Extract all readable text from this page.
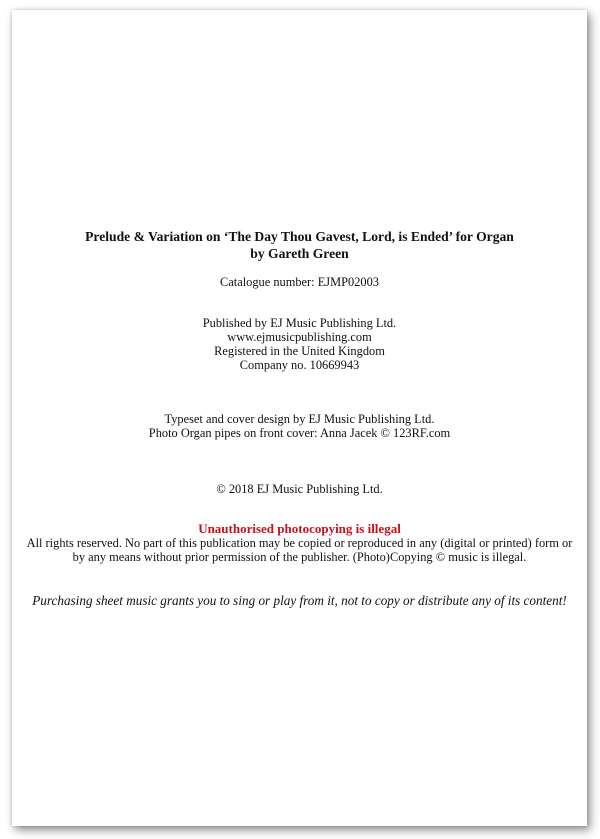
Prelude & Variation on ‘The Day Thou Gavest, Lord, is Ended’ for Organ
by Gareth Green
Catalogue number: EJMP02003
Published by EJ Music Publishing Ltd.
www.ejmusicpublishing.com
Registered in the United Kingdom
Company no. 10669943
Typeset and cover design by EJ Music Publishing Ltd.
Photo Organ pipes on front cover: Anna Jacek © 123RF.com
© 2018 EJ Music Publishing Ltd.
Unauthorised photocopying is illegal
All rights reserved. No part of this publication may be copied or reproduced in any (digital or printed) form or
by any means without prior permission of the publisher. (Photo)Copying © music is illegal.
Purchasing sheet music grants you to sing or play from it, not to copy or distribute any of its content!
